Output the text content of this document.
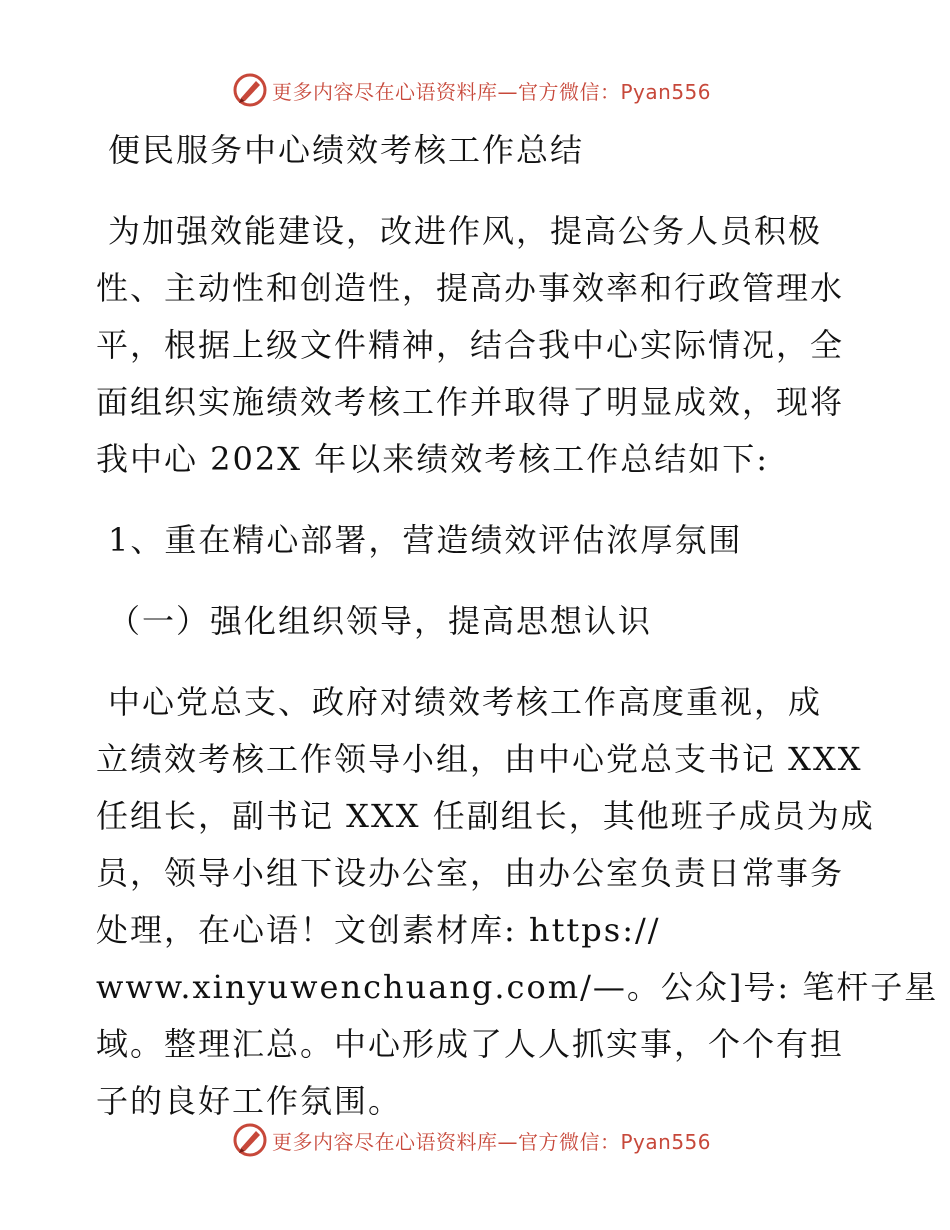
更多内容尽在心语资料库—官方微信：Pyan556
便民服务中心绩效考核工作总结
为加强效能建设，改进作风，提高公务人员积极
性、主动性和创造性，提高办事效率和行政管理水
平，根据上级文件精神，结合我中心实际情况，全
面组织实施绩效考核工作并取得了明显成效，现将
我中心 202X 年以来绩效考核工作总结如下:
1、重在精心部署，营造绩效评估浓厚氛围
（一）强化组织领导，提高思想认识
中心党总支、政府对绩效考核工作高度重视，成
立绩效考核工作领导小组，由中心党总支书记 XXX
任组长，副书记 XXX 任副组长，其他班子成员为成
员，领导小组下设办公室，由办公室负责日常事务
处理，在心语！文创素材库: https://
www.xinyuwenchuang.com/—。公众]号: 笔杆子星
域。整理汇总。中心形成了人人抓实事，个个有担
子的良好工作氛围。
更多内容尽在心语资料库—官方微信：Pyan556
